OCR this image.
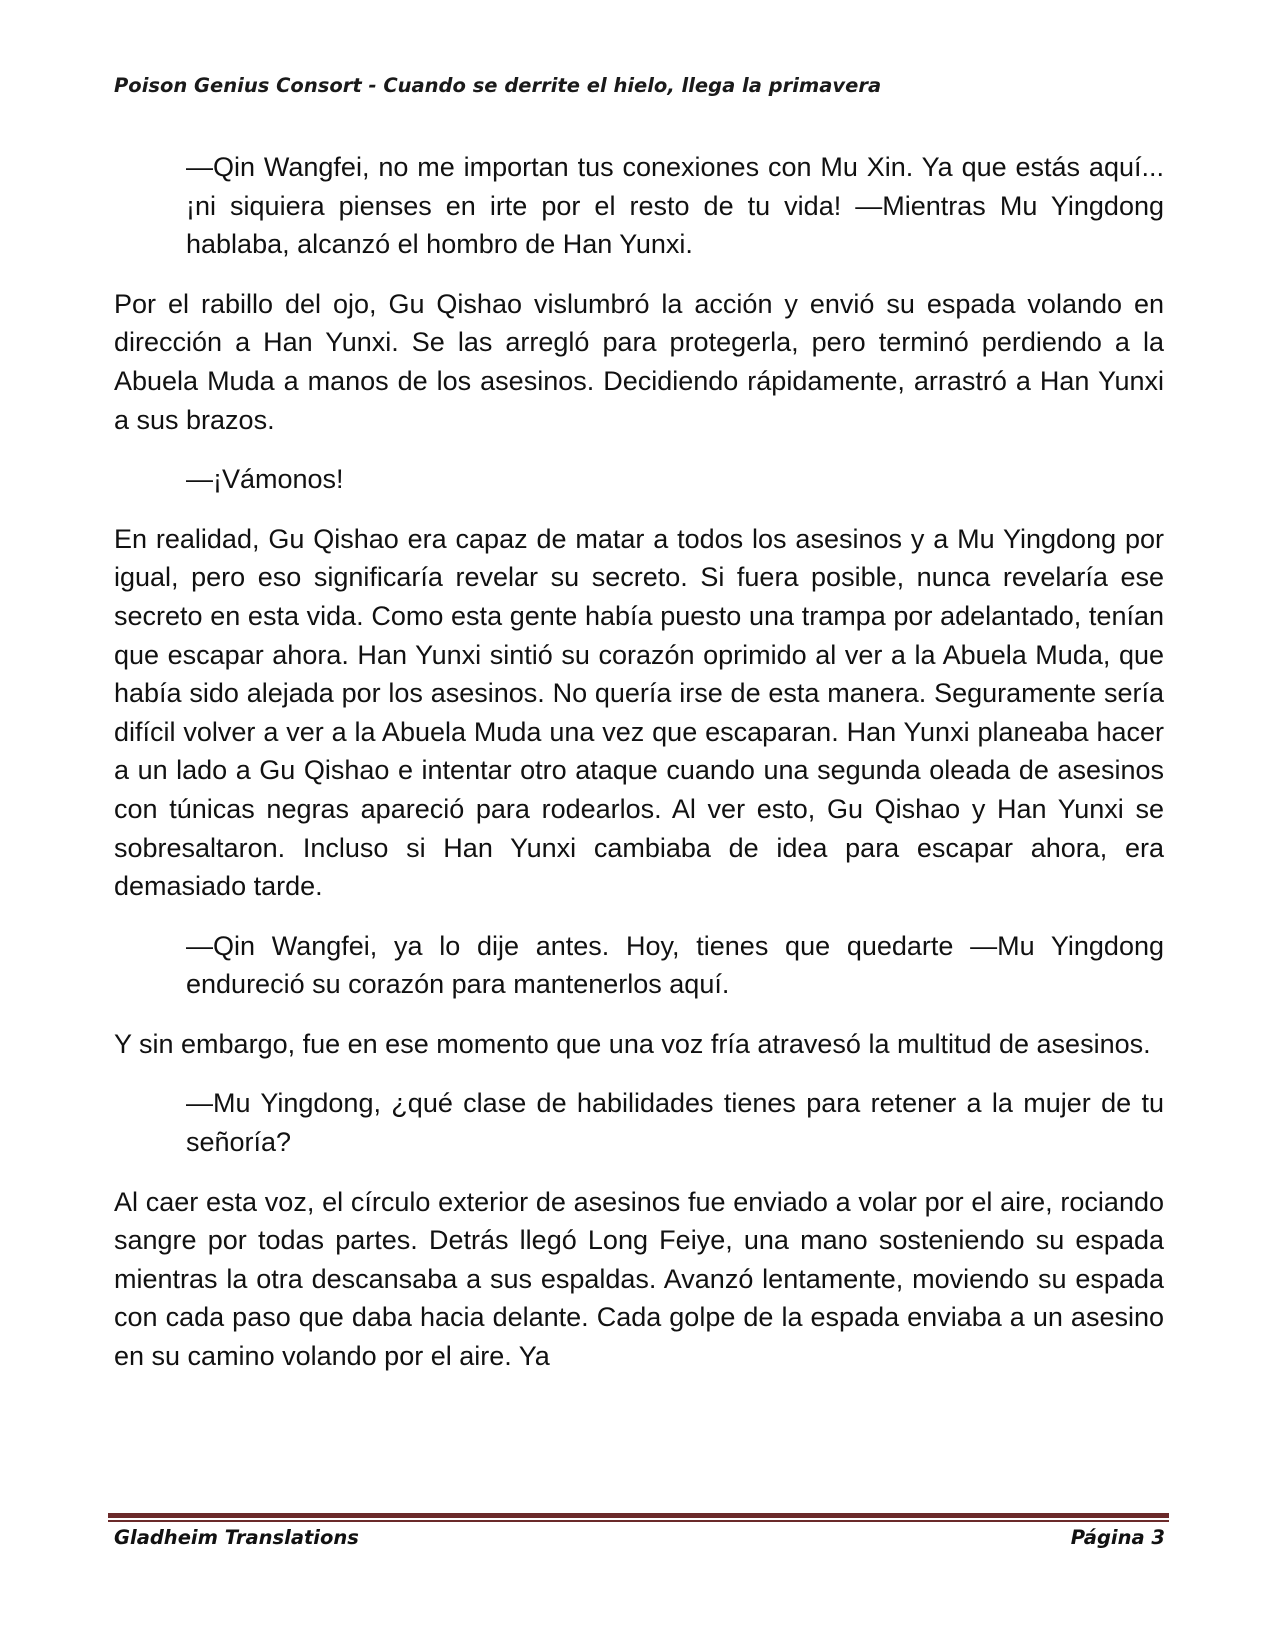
Poison Genius Consort - Cuando se derrite el hielo, llega la primavera

—Qin Wangfei, no me importan tus conexiones con Mu Xin. Ya que estás aquí... ¡ni siquiera pienses en irte por el resto de tu vida! —Mientras Mu Yingdong hablaba, alcanzó el hombro de Han Yunxi.

Por el rabillo del ojo, Gu Qishao vislumbró la acción y envió su espada volando en dirección a Han Yunxi. Se las arregló para protegerla, pero terminó perdiendo a la Abuela Muda a manos de los asesinos. Decidiendo rápidamente, arrastró a Han Yunxi a sus brazos.

—¡Vámonos!

En realidad, Gu Qishao era capaz de matar a todos los asesinos y a Mu Yingdong por igual, pero eso significaría revelar su secreto. Si fuera posible, nunca revelaría ese secreto en esta vida. Como esta gente había puesto una trampa por adelantado, tenían que escapar ahora. Han Yunxi sintió su corazón oprimido al ver a la Abuela Muda, que había sido alejada por los asesinos. No quería irse de esta manera. Seguramente sería difícil volver a ver a la Abuela Muda una vez que escaparan. Han Yunxi planeaba hacer a un lado a Gu Qishao e intentar otro ataque cuando una segunda oleada de asesinos con túnicas negras apareció para rodearlos. Al ver esto, Gu Qishao y Han Yunxi se sobresaltaron. Incluso si Han Yunxi cambiaba de idea para escapar ahora, era demasiado tarde.

—Qin Wangfei, ya lo dije antes. Hoy, tienes que quedarte —Mu Yingdong endureció su corazón para mantenerlos aquí.

Y sin embargo, fue en ese momento que una voz fría atravesó la multitud de asesinos.

—Mu Yingdong, ¿qué clase de habilidades tienes para retener a la mujer de tu señoría?

Al caer esta voz, el círculo exterior de asesinos fue enviado a volar por el aire, rociando sangre por todas partes. Detrás llegó Long Feiye, una mano sosteniendo su espada mientras la otra descansaba a sus espaldas. Avanzó lentamente, moviendo su espada con cada paso que daba hacia delante. Cada golpe de la espada enviaba a un asesino en su camino volando por el aire. Ya

Gladheim Translations	Página 3
